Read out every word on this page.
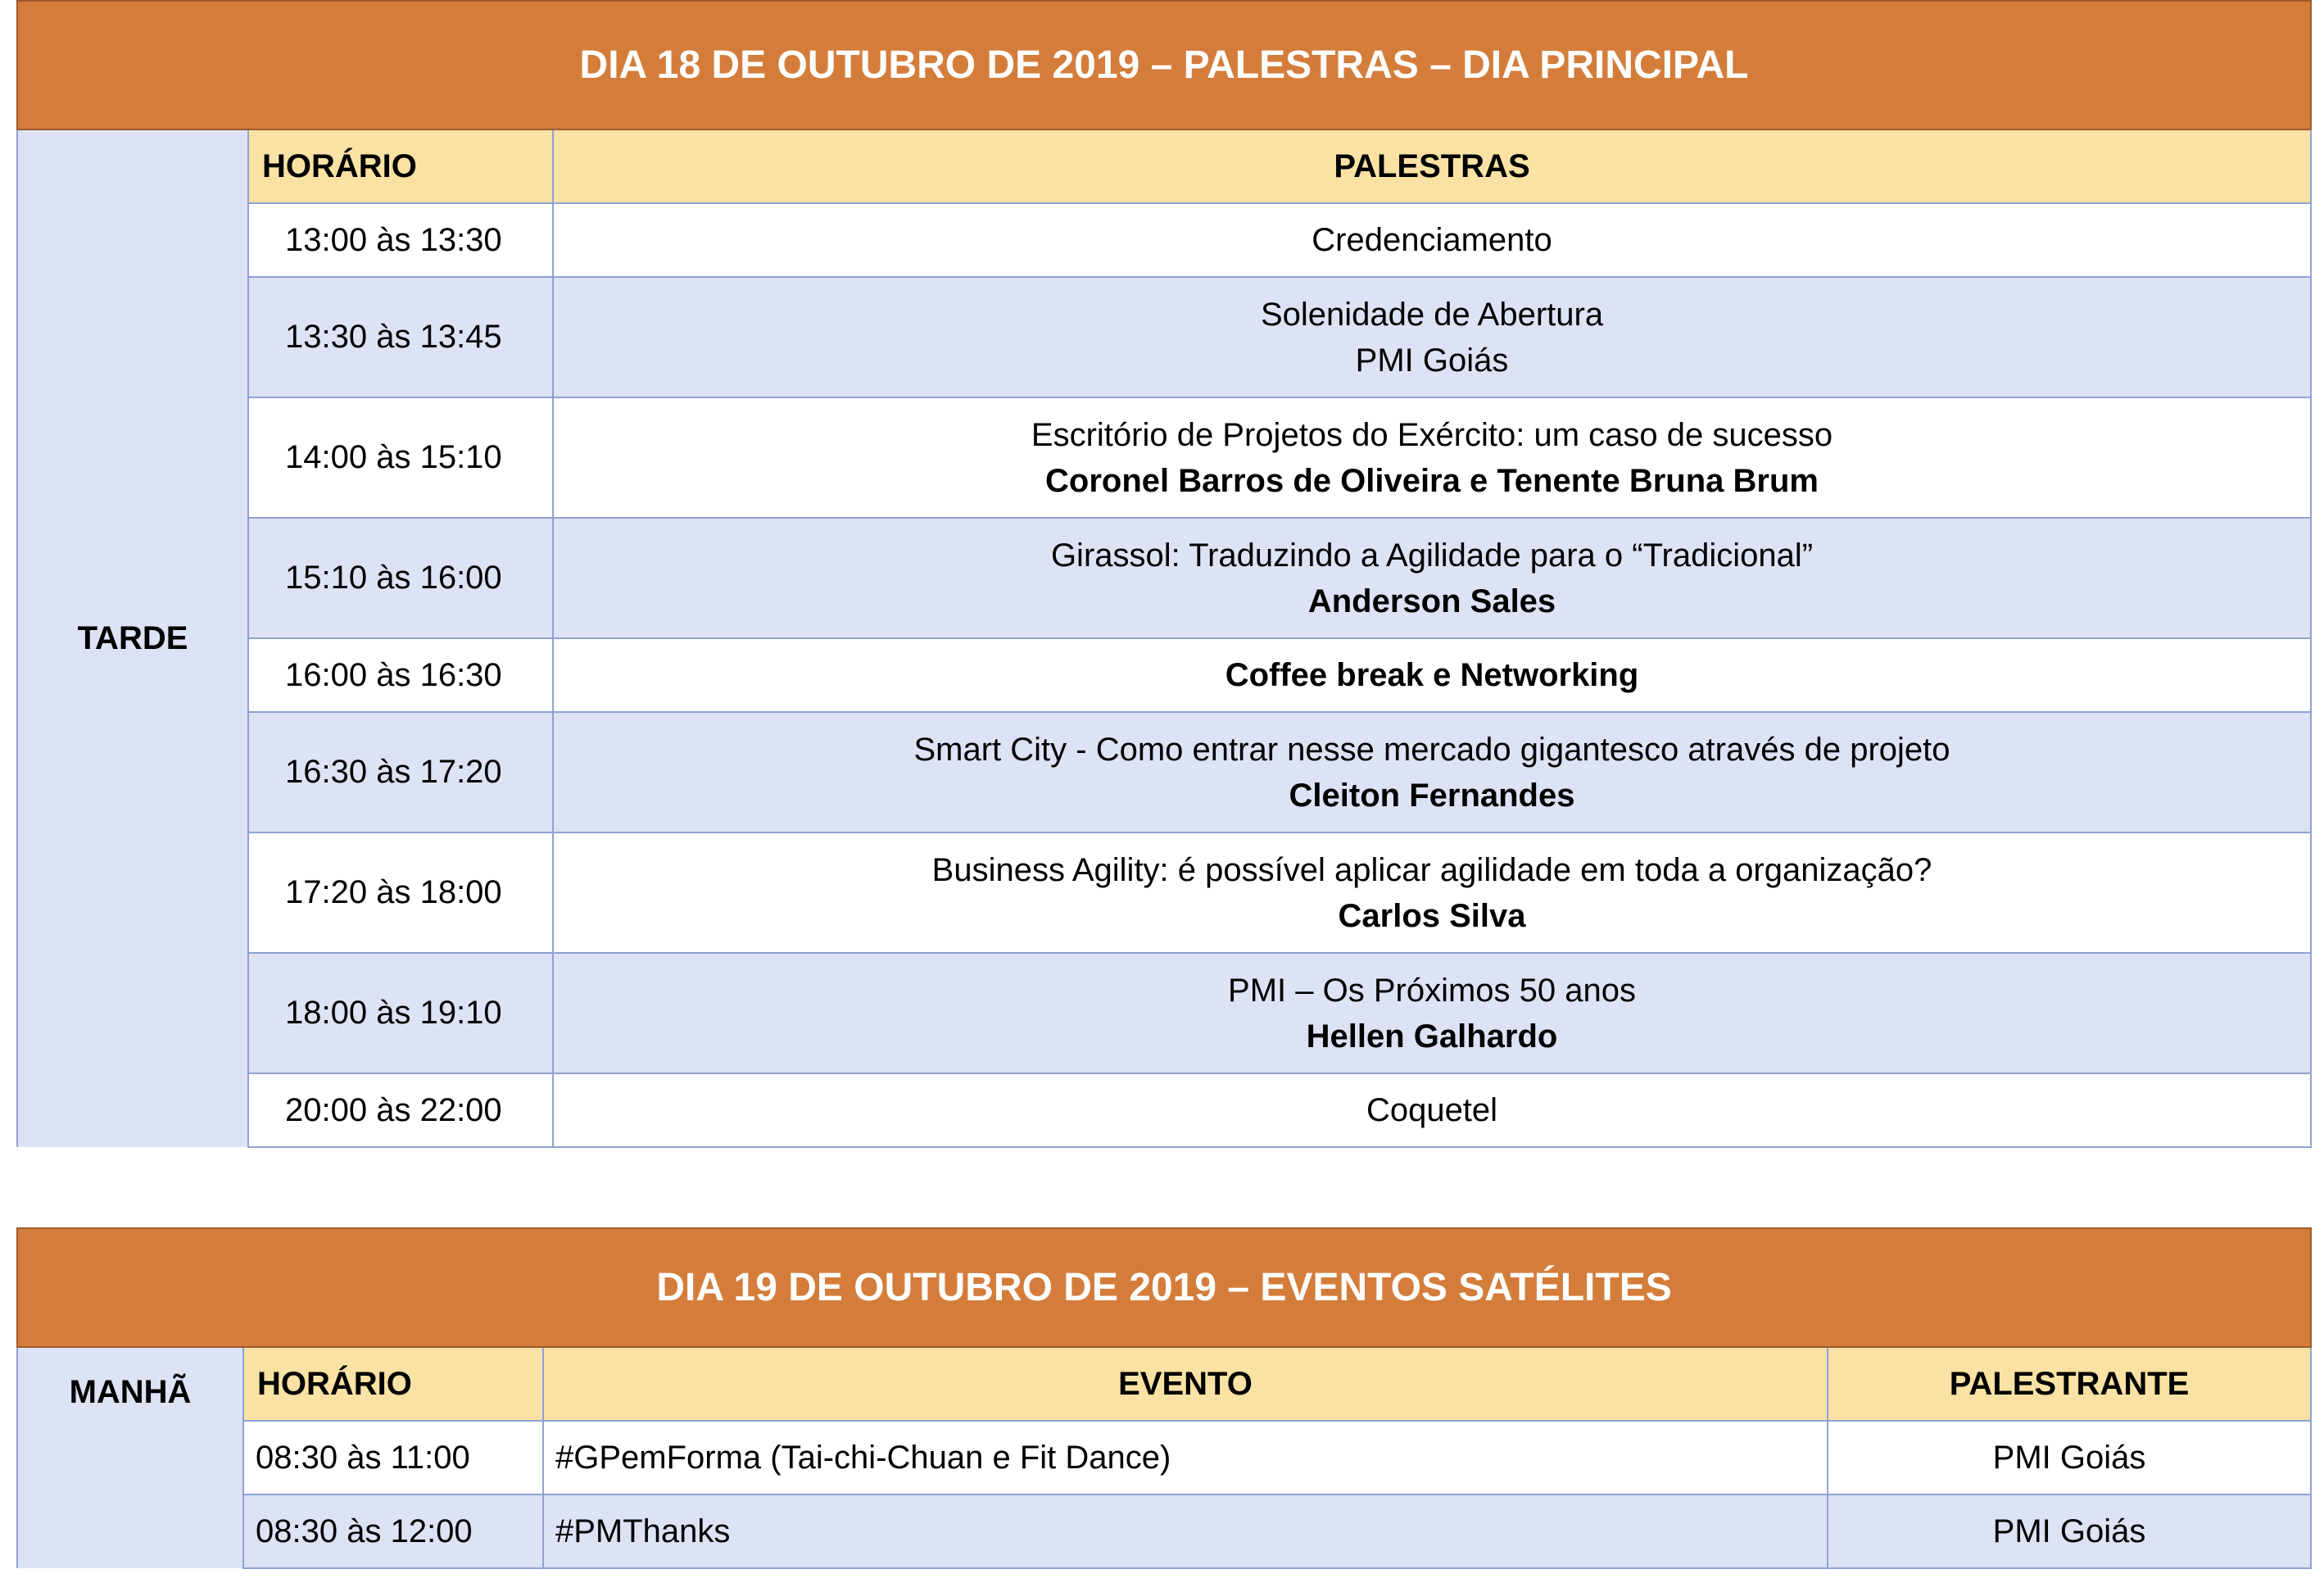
DIA 18 DE OUTUBRO DE 2019 – PALESTRAS – DIA PRINCIPAL		
TARDE	HORÁRIO	PALESTRAS
	13:00 às 13:30	Credenciamento

	13:30 às 13:45	Solenidade de Abertura
PMI Goiás

	14:00 às 15:10	Escritório de Projetos do Exército: um caso de sucesso
Coronel Barros de Oliveira e Tenente Bruna Brum

	15:10 às 16:00	Girassol: Traduzindo a Agilidade para o “Tradicional”
Anderson Sales

	16:00 às 16:30	Coffee break e Networking

	16:30 às 17:20	Smart City - Como entrar nesse mercado gigantesco através de projeto
Cleiton Fernandes

	17:20 às 18:00	Business Agility: é possível aplicar agilidade em toda a organização?
Carlos Silva

	18:00 às 19:10	PMI – Os Próximos 50 anos
Hellen Galhardo

	20:00 às 22:00	Coquetel
DIA 19 DE OUTUBRO DE 2019 – EVENTOS SATÉLITES			
MANHÃ	HORÁRIO	EVENTO	PALESTRANTE
	08:30 às 11:00	#GPemForma (Tai-chi-Chuan e Fit Dance)	PMI Goiás
	08:30 às 12:00	#PMThanks	PMI Goiás
